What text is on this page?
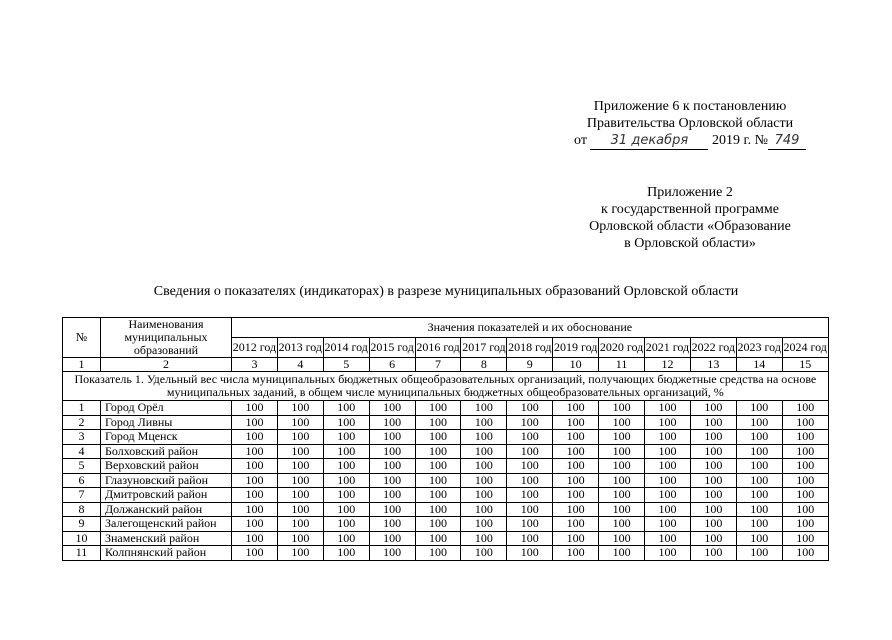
Приложение 6 к постановлению
Правительства Орловской области
от 31 декабря 2019 г. № 749
Приложение 2
к государственной программе
Орловской области «Образование
в Орловской области»
Сведения о показателях (индикаторах) в разрезе муниципальных образований Орловской области
№	Наименования муниципальных образований	Значения показателей и их обоснование												
		2012 год	2013 год	2014 год	2015 год	2016 год	2017 год	2018 год	2019 год	2020 год	2021 год	2022 год	2023 год	2024 год
1	2	3	4	5	6	7	8	9	10	11	12	13	14	15
Показатель 1. Удельный вес числа муниципальных бюджетных общеобразовательных организаций, получающих бюджетные средства на основе муниципальных заданий, в общем числе муниципальных бюджетных общеобразовательных организаций, %														
1	Город Орёл	100	100	100	100	100	100	100	100	100	100	100	100	100
2	Город Ливны	100	100	100	100	100	100	100	100	100	100	100	100	100
3	Город Мценск	100	100	100	100	100	100	100	100	100	100	100	100	100
4	Болховский район	100	100	100	100	100	100	100	100	100	100	100	100	100
5	Верховский район	100	100	100	100	100	100	100	100	100	100	100	100	100
6	Глазуновский район	100	100	100	100	100	100	100	100	100	100	100	100	100
7	Дмитровский район	100	100	100	100	100	100	100	100	100	100	100	100	100
8	Должанский район	100	100	100	100	100	100	100	100	100	100	100	100	100
9	Залегощенский район	100	100	100	100	100	100	100	100	100	100	100	100	100
10	Знаменский район	100	100	100	100	100	100	100	100	100	100	100	100	100
11	Колпнянский район	100	100	100	100	100	100	100	100	100	100	100	100	100
